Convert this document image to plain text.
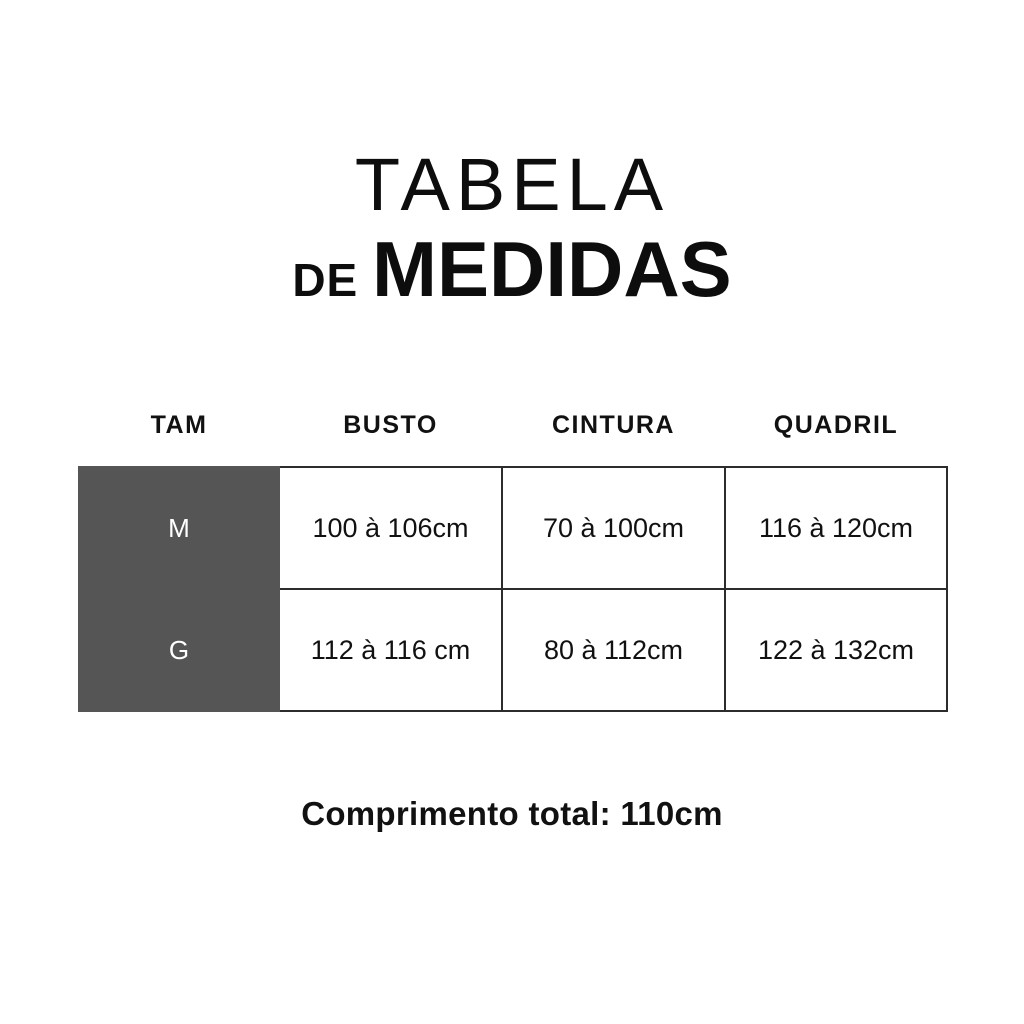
TABELA
DE MEDIDAS
TAM	BUSTO	CINTURA	QUADRIL
M	100 à 106cm	70 à 100cm	116 à 120cm
G	112 à 116 cm	80 à 112cm	122 à 132cm
Comprimento total: 110cm
